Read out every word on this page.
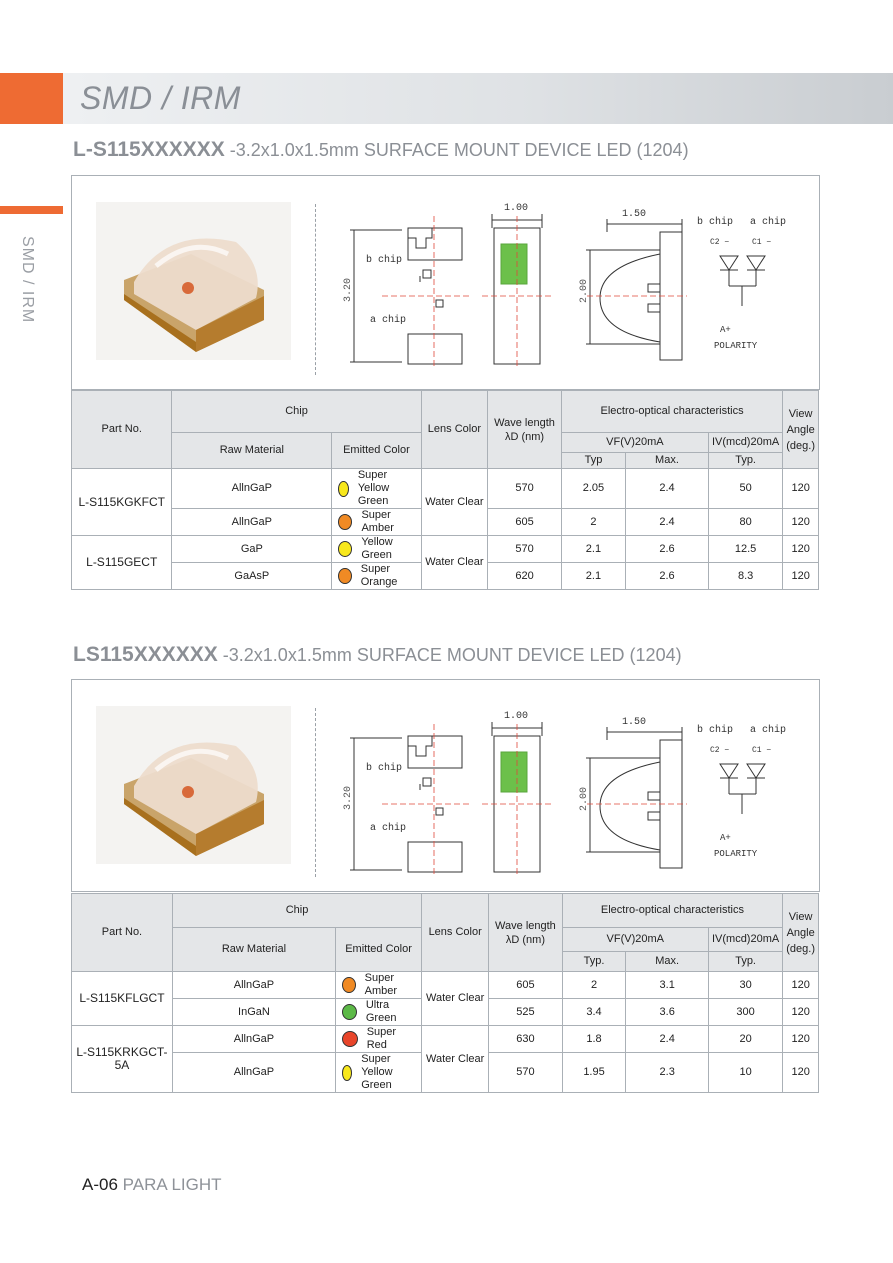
SMD / IRM
SMD / IRM
L-S115XXXXXX -3.2x1.0x1.5mm SURFACE MOUNT DEVICE LED (1204)
3.20
1.00
1.50
2.00
b chip
a chip
b chip a chip
C2 −	C1 −
A+
POLARITY
Part No.	Chip		Lens Color	Wave length λD (nm)	Electro-optical characteristics			View Angle (deg.)
	Raw Material	Emitted Color			VF(V)20mA		IV(mcd)20mA	
					Typ	Max.	Typ.	
L-S115KGKFCT	AllnGaP	Super Yellow Green	Water Clear	570	2.05	2.4	50	120
	AllnGaP	Super Amber		605	2	2.4	80	120
L-S115GECT	GaP	Yellow Green	Water Clear	570	2.1	2.6	12.5	120
	GaAsP	Super Orange		620	2.1	2.6	8.3	120
LS115XXXXXX -3.2x1.0x1.5mm SURFACE MOUNT DEVICE LED (1204)
3.20
1.00
1.50
2.00
b chip
a chip
b chip a chip
C2 −	C1 −
A+
POLARITY
Part No.	Chip		Lens Color	Wave length λD (nm)	Electro-optical characteristics			View Angle (deg.)
	Raw Material	Emitted Color			VF(V)20mA		IV(mcd)20mA	
					Typ.	Max.	Typ.	
L-S115KFLGCT	AllnGaP	Super Amber	Water Clear	605	2	3.1	30	120
	InGaN	Ultra Green		525	3.4	3.6	300	120
L-S115KRKGCT-5A	AllnGaP	Super Red	Water Clear	630	1.8	2.4	20	120
	AllnGaP	Super Yellow Green		570	1.95	2.3	10	120
A-06 PARA LIGHT
